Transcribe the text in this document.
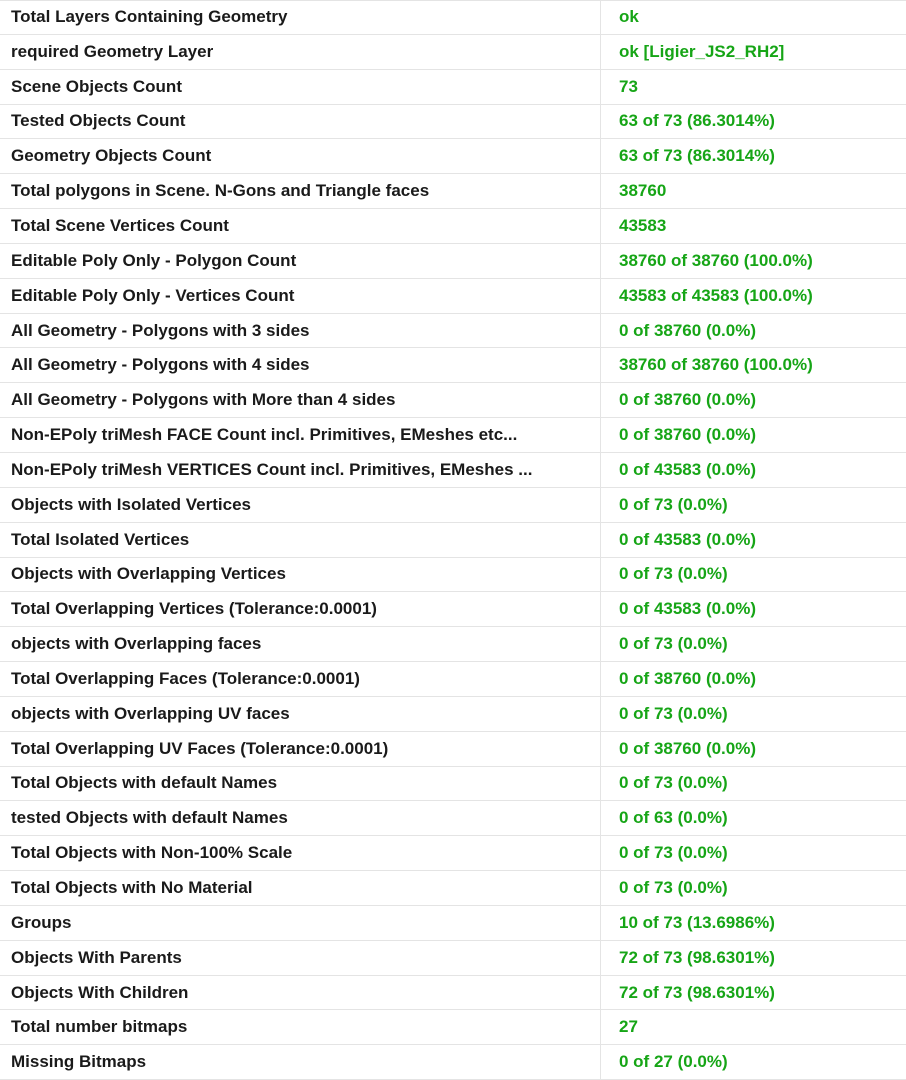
Total Layers Containing Geometry	ok
required Geometry Layer	ok [Ligier_JS2_RH2]
Scene Objects Count	73
Tested Objects Count	63 of 73 (86.3014%)
Geometry Objects Count	63 of 73 (86.3014%)
Total polygons in Scene. N-Gons and Triangle faces	38760
Total Scene Vertices Count	43583
Editable Poly Only - Polygon Count	38760 of 38760 (100.0%)
Editable Poly Only - Vertices Count	43583 of 43583 (100.0%)
All Geometry - Polygons with 3 sides	0 of 38760 (0.0%)
All Geometry - Polygons with 4 sides	38760 of 38760 (100.0%)
All Geometry - Polygons with More than 4 sides	0 of 38760 (0.0%)
Non-EPoly triMesh FACE Count incl. Primitives, EMeshes etc...	0 of 38760 (0.0%)
Non-EPoly triMesh VERTICES Count incl. Primitives, EMeshes ...	0 of 43583 (0.0%)
Objects with Isolated Vertices	0 of 73 (0.0%)
Total Isolated Vertices	0 of 43583 (0.0%)
Objects with Overlapping Vertices	0 of 73 (0.0%)
Total Overlapping Vertices (Tolerance:0.0001)	0 of 43583 (0.0%)
objects with Overlapping faces	0 of 73 (0.0%)
Total Overlapping Faces (Tolerance:0.0001)	0 of 38760 (0.0%)
objects with Overlapping UV faces	0 of 73 (0.0%)
Total Overlapping UV Faces (Tolerance:0.0001)	0 of 38760 (0.0%)
Total Objects with default Names	0 of 73 (0.0%)
tested Objects with default Names	0 of 63 (0.0%)
Total Objects with Non-100% Scale	0 of 73 (0.0%)
Total Objects with No Material	0 of 73 (0.0%)
Groups	10 of 73 (13.6986%)
Objects With Parents	72 of 73 (98.6301%)
Objects With Children	72 of 73 (98.6301%)
Total number bitmaps	27
Missing Bitmaps	0 of 27 (0.0%)
